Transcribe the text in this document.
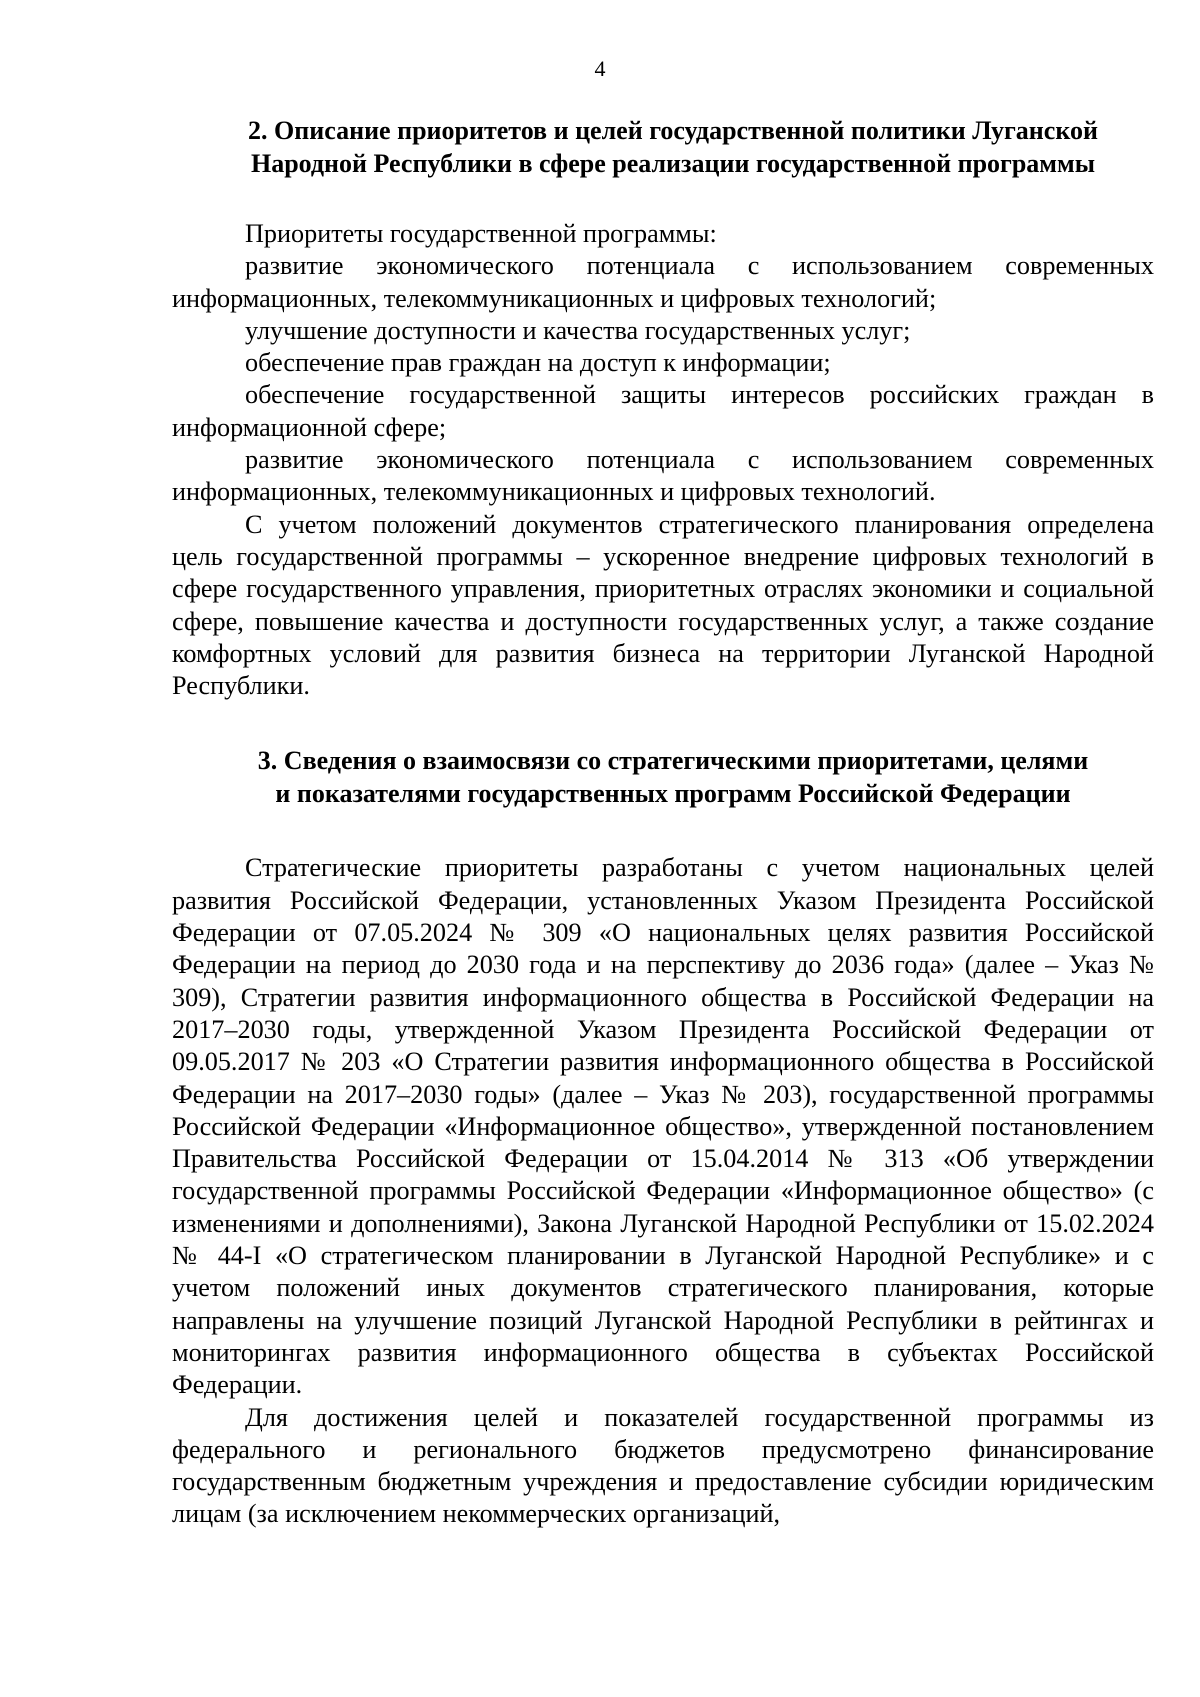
4
2. Описание приоритетов и целей государственной политики Луганской
Народной Республики в сфере реализации государственной программы

Приоритеты государственной программы:

развитие экономического потенциала с использованием современных информационных, телекоммуникационных и цифровых технологий;

улучшение доступности и качества государственных услуг;

обеспечение прав граждан на доступ к информации;

обеспечение государственной защиты интересов российских граждан в информационной сфере;

развитие экономического потенциала с использованием современных информационных, телекоммуникационных и цифровых технологий.

С учетом положений документов стратегического планирования определена цель государственной программы – ускоренное внедрение цифровых технологий в сфере государственного управления, приоритетных отраслях экономики и социальной сфере, повышение качества и доступности государственных услуг, а также создание комфортных условий для развития бизнеса на территории Луганской Народной Республики.

3. Сведения о взаимосвязи со стратегическими приоритетами, целями
и показателями государственных программ Российской Федерации

Стратегические приоритеты разработаны с учетом национальных целей развития Российской Федерации, установленных Указом Президента Российской Федерации от 07.05.2024 № 309 «О национальных целях развития Российской Федерации на период до 2030 года и на перспективу до 2036 года» (далее – Указ № 309), Стратегии развития информационного общества в Российской Федерации на 2017–2030 годы, утвержденной Указом Президента Российской Федерации от 09.05.2017 № 203 «О Стратегии развития информационного общества в Российской Федерации на 2017–2030 годы» (далее – Указ № 203), государственной программы Российской Федерации «Информационное общество», утвержденной постановлением Правительства Российской Федерации от 15.04.2014 № 313 «Об утверждении государственной программы Российской Федерации «Информационное общество» (с изменениями и дополнениями), Закона Луганской Народной Республики от 15.02.2024 № 44-I «О стратегическом планировании в Луганской Народной Республике» и с учетом положений иных документов стратегического планирования, которые направлены на улучшение позиций Луганской Народной Республики в рейтингах и мониторингах развития информационного общества в субъектах Российской Федерации.

Для достижения целей и показателей государственной программы из федерального и регионального бюджетов предусмотрено финансирование государственным бюджетным учреждения и предоставление субсидии юридическим лицам (за исключением некоммерческих организаций,
